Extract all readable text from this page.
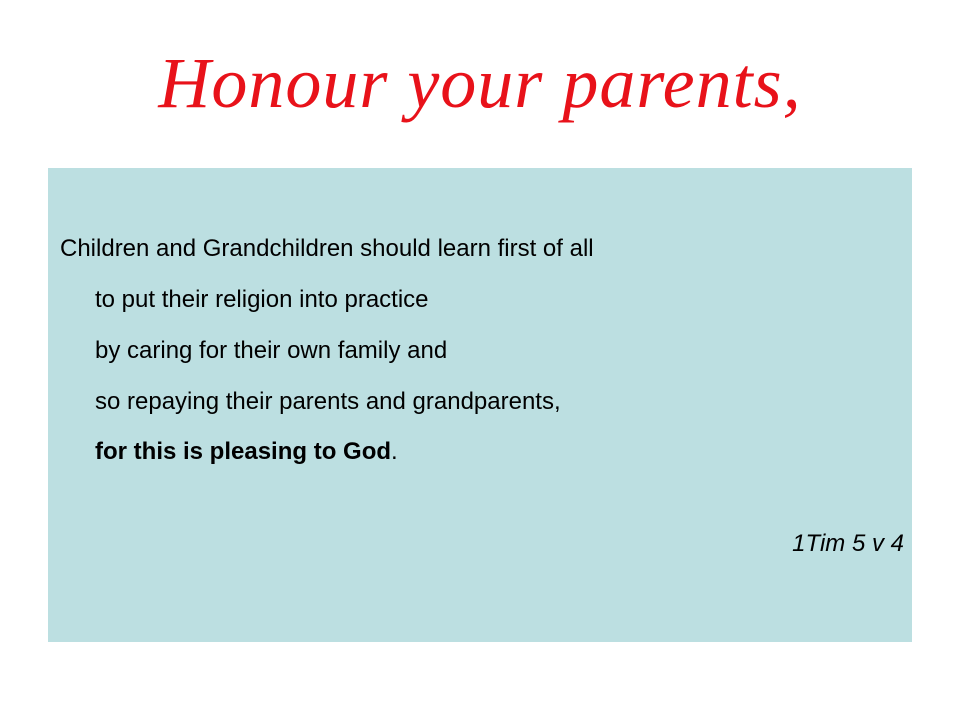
Honour your parents,
Children and Grandchildren should learn first of all
to put their religion into practice
by caring for their own family and
so repaying their parents and grandparents,
for this is pleasing to God.
1Tim 5 v 4
